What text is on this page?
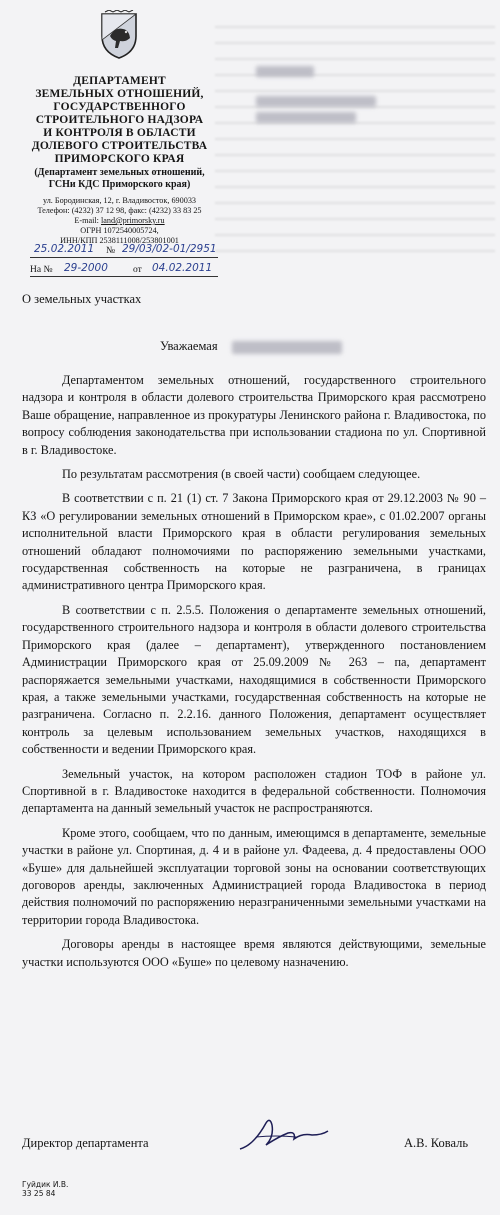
ДЕПАРТАМЕНТ
ЗЕМЕЛЬНЫХ ОТНОШЕНИЙ,
ГОСУДАРСТВЕННОГО
СТРОИТЕЛЬНОГО НАДЗОРА
И КОНТРОЛЯ В ОБЛАСТИ
ДОЛЕВОГО СТРОИТЕЛЬСТВА
ПРИМОРСКОГО КРАЯ
(Департамент земельных отношений, ГСНи КДС Приморского края)
ул. Бородинская, 12, г. Владивосток, 690033
Телефон: (4232) 37 12 98, факс: (4232) 33 83 25
E-mail: land@primorsky.ru
ОГРН 1072540005724,
ИНН/КПП 2538111008/253801001
25.02.2011 № 29/03/02-01/2951
На № 29-2000	от 04.02.2011
О земельных участках
Уважаемая

Департаментом земельных отношений, государственного строительного надзора и контроля в области долевого строительства Приморского края рассмотрено Ваше обращение, направленное из прокуратуры Ленинского района г. Владивостока, по вопросу соблюдения законодательства при использовании стадиона по ул. Спортивной в г. Владивостоке.

По результатам рассмотрения (в своей части) сообщаем следующее.

В соответствии с п. 21 (1) ст. 7 Закона Приморского края от 29.12.2003 № 90 – КЗ «О регулировании земельных отношений в Приморском крае», с 01.02.2007 органы исполнительной власти Приморского края в области регулирования земельных отношений обладают полномочиями по распоряжению земельными участками, государственная собственность на которые не разграничена, в границах административного центра Приморского края.

В соответствии с п. 2.5.5. Положения о департаменте земельных отношений, государственного строительного надзора и контроля в области долевого строительства Приморского края (далее – департамент), утвержденного постановлением Администрации Приморского края от 25.09.2009 № 263 – па, департамент распоряжается земельными участками, находящимися в собственности Приморского края, а также земельными участками, государственная собственность на которые не разграничена. Согласно п. 2.2.16. данного Положения, департамент осуществляет контроль за целевым использованием земельных участков, находящихся в собственности и ведении Приморского края.

Земельный участок, на котором расположен стадион ТОФ в районе ул. Спортивной в г. Владивостоке находится в федеральной собственности. Полномочия департамента на данный земельный участок не распространяются.

Кроме этого, сообщаем, что по данным, имеющимся в департаменте, земельные участки в районе ул. Спортиная, д. 4 и в районе ул. Фадеева, д. 4 предоставлены ООО «Буше» для дальнейшей эксплуатации торговой зоны на основании соответствующих договоров аренды, заключенных Администрацией города Владивостока в период действия полномочий по распоряжению неразграниченными земельными участками на территории города Владивостока.

Договоры аренды в настоящее время являются действующими, земельные участки используются ООО «Буше» по целевому назначению.

Директор департамента	А.В. Коваль
Гуйдик И.В.
33 25 84
